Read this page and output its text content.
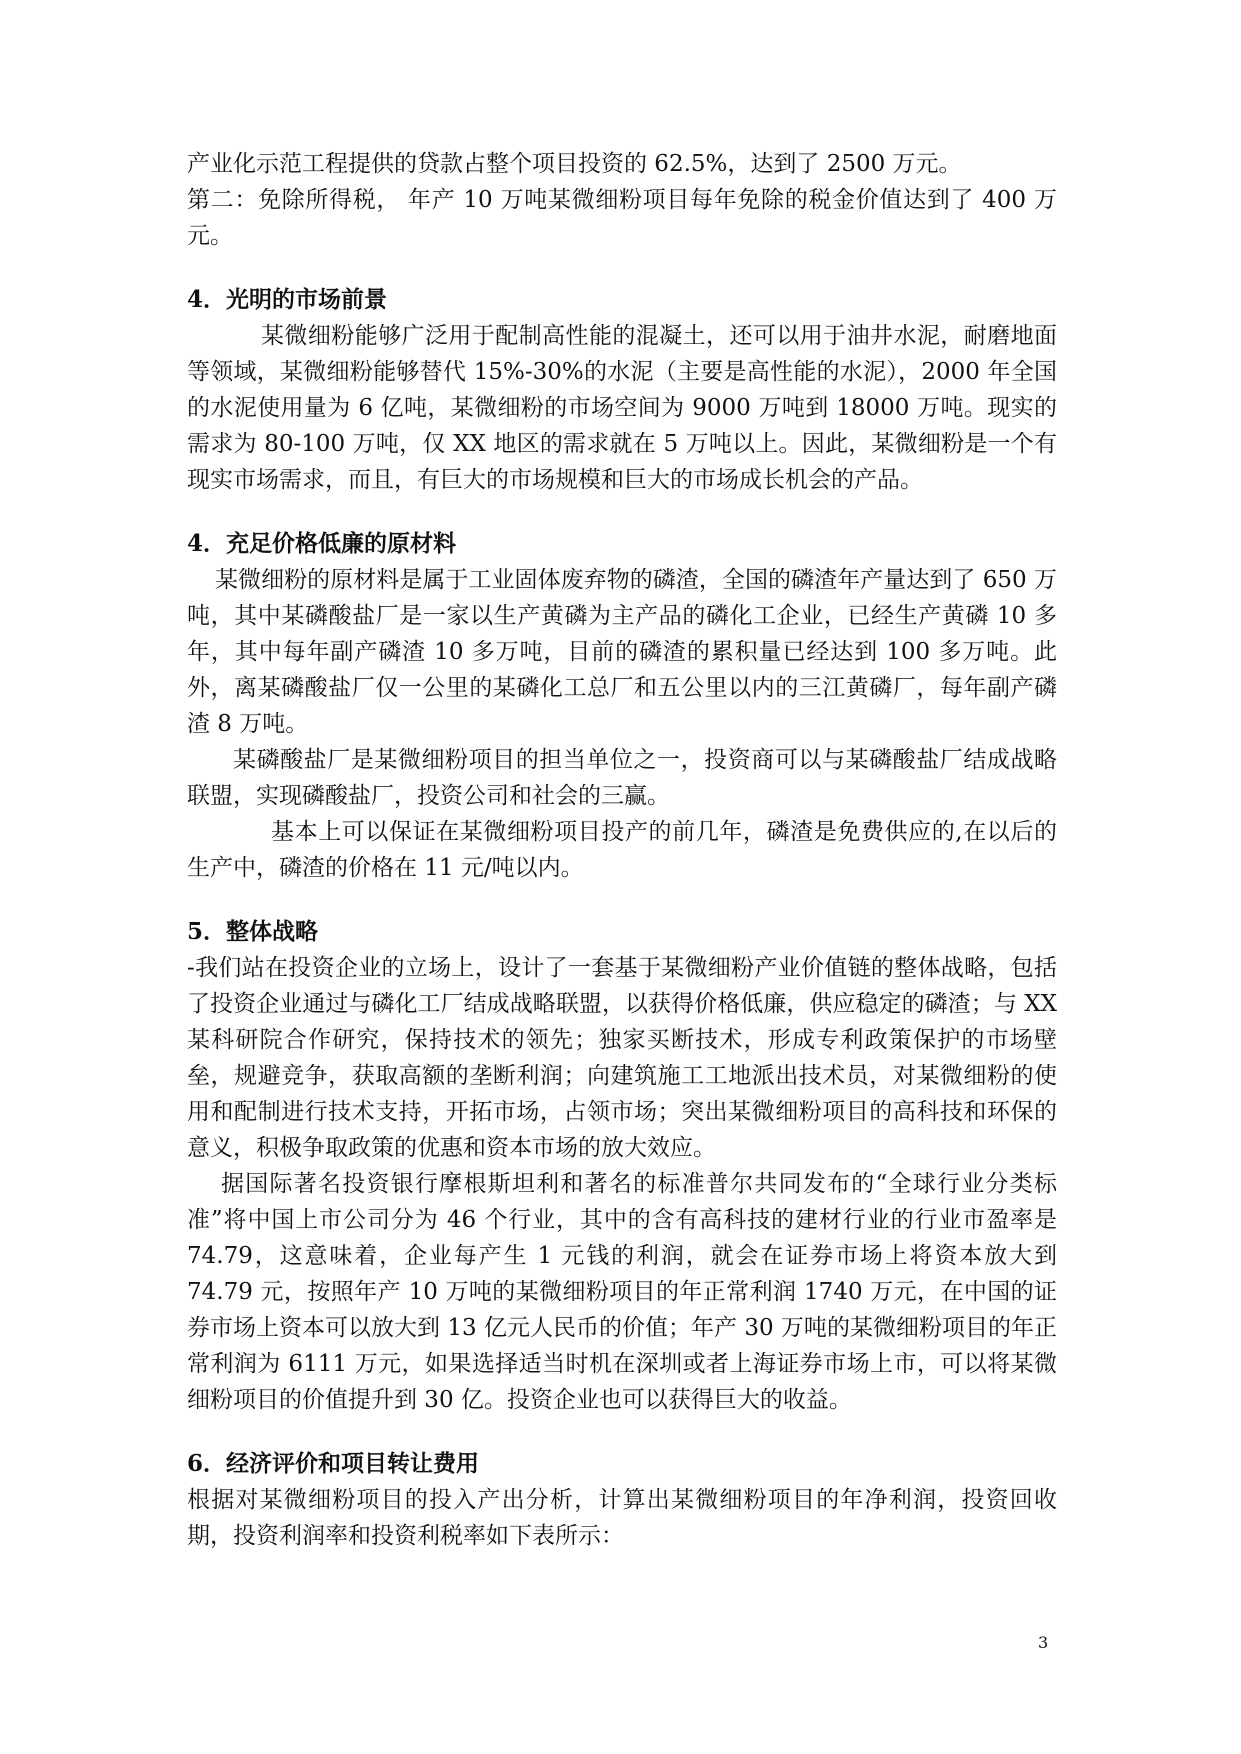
产业化示范工程提供的贷款占整个项目投资的 62.5%，达到了 2500 万元。

第二：免除所得税， 年产 10 万吨某微细粉项目每年免除的税金价值达到了 400 万元。

4．光明的市场前景

某微细粉能够广泛用于配制高性能的混凝土，还可以用于油井水泥，耐磨地面等领域，某微细粉能够替代 15%-30%的水泥（主要是高性能的水泥），2000 年全国的水泥使用量为 6 亿吨，某微细粉的市场空间为 9000 万吨到 18000 万吨。现实的需求为 80-100 万吨，仅 XX 地区的需求就在 5 万吨以上。因此，某微细粉是一个有现实市场需求，而且，有巨大的市场规模和巨大的市场成长机会的产品。

4．充足价格低廉的原材料

某微细粉的原材料是属于工业固体废弃物的磷渣，全国的磷渣年产量达到了 650 万吨，其中某磷酸盐厂是一家以生产黄磷为主产品的磷化工企业，已经生产黄磷 10 多年，其中每年副产磷渣 10 多万吨，目前的磷渣的累积量已经达到 100 多万吨。此外，离某磷酸盐厂仅一公里的某磷化工总厂和五公里以内的三江黄磷厂，每年副产磷渣 8 万吨。

某磷酸盐厂是某微细粉项目的担当单位之一，投资商可以与某磷酸盐厂结成战略联盟，实现磷酸盐厂，投资公司和社会的三赢。

基本上可以保证在某微细粉项目投产的前几年，磷渣是免费供应的,在以后的生产中，磷渣的价格在 11 元/吨以内。

5．整体战略

-我们站在投资企业的立场上，设计了一套基于某微细粉产业价值链的整体战略，包括了投资企业通过与磷化工厂结成战略联盟，以获得价格低廉，供应稳定的磷渣；与 XX 某科研院合作研究，保持技术的领先；独家买断技术，形成专利政策保护的市场壁垒，规避竞争，获取高额的垄断利润；向建筑施工工地派出技术员，对某微细粉的使用和配制进行技术支持，开拓市场，占领市场；突出某微细粉项目的高科技和环保的意义，积极争取政策的优惠和资本市场的放大效应。

据国际著名投资银行摩根斯坦利和著名的标准普尔共同发布的“全球行业分类标准”将中国上市公司分为 46 个行业，其中的含有高科技的建材行业的行业市盈率是 74.79，这意味着，企业每产生 1 元钱的利润，就会在证券市场上将资本放大到 74.79 元，按照年产 10 万吨的某微细粉项目的年正常利润 1740 万元，在中国的证券市场上资本可以放大到 13 亿元人民币的价值；年产 30 万吨的某微细粉项目的年正常利润为 6111 万元，如果选择适当时机在深圳或者上海证券市场上市，可以将某微细粉项目的价值提升到 30 亿。投资企业也可以获得巨大的收益。

6．经济评价和项目转让费用

根据对某微细粉项目的投入产出分析，计算出某微细粉项目的年净利润，投资回收期，投资利润率和投资利税率如下表所示：

3
